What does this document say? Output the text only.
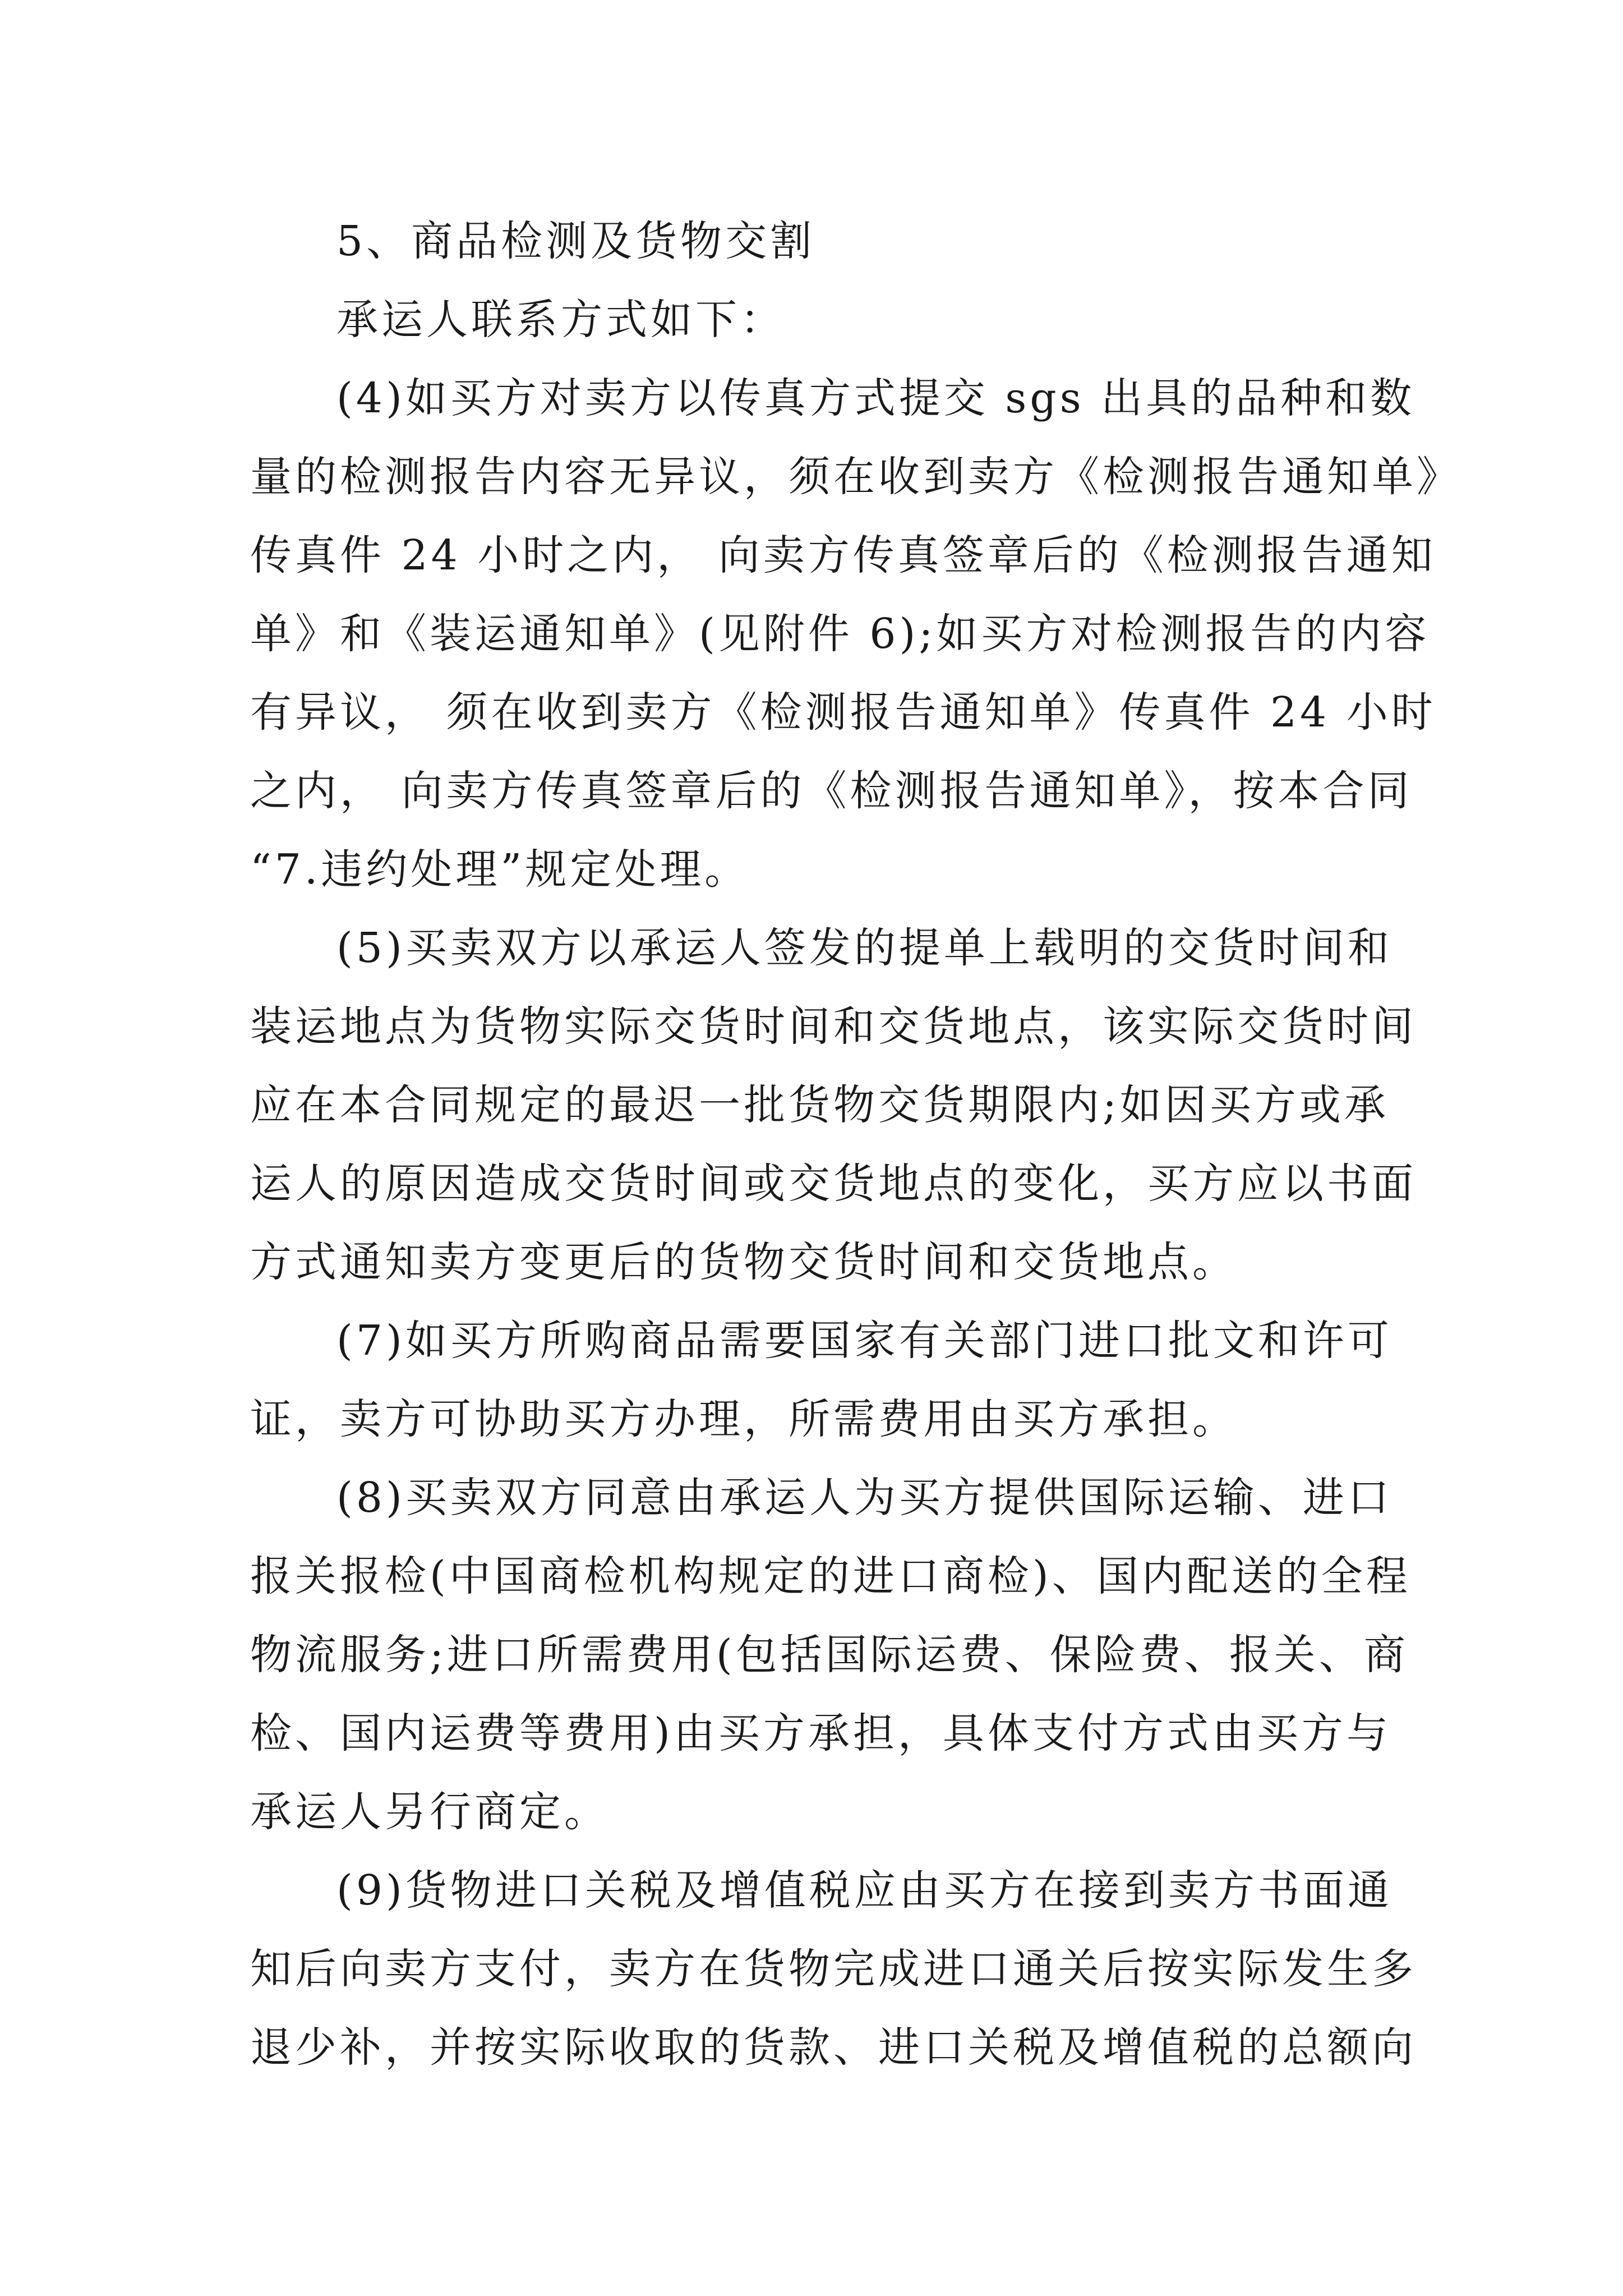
5、商品检测及货物交割

承运人联系方式如下：

(4)如买方对卖方以传真方式提交 sgs 出具的品种和数

量的检测报告内容无异议，须在收到卖方《检测报告通知单》

传真件 24 小时之内， 向卖方传真签章后的《检测报告通知

单》和《装运通知单》(见附件 6);如买方对检测报告的内容

有异议， 须在收到卖方《检测报告通知单》传真件 24 小时

之内， 向卖方传真签章后的《检测报告通知单》，按本合同

“7.违约处理”规定处理。

(5)买卖双方以承运人签发的提单上载明的交货时间和

装运地点为货物实际交货时间和交货地点，该实际交货时间

应在本合同规定的最迟一批货物交货期限内;如因买方或承

运人的原因造成交货时间或交货地点的变化，买方应以书面

方式通知卖方变更后的货物交货时间和交货地点。

(7)如买方所购商品需要国家有关部门进口批文和许可

证，卖方可协助买方办理，所需费用由买方承担。

(8)买卖双方同意由承运人为买方提供国际运输、进口

报关报检(中国商检机构规定的进口商检)、国内配送的全程

物流服务;进口所需费用(包括国际运费、保险费、报关、商

检、国内运费等费用)由买方承担，具体支付方式由买方与

承运人另行商定。

(9)货物进口关税及增值税应由买方在接到卖方书面通

知后向卖方支付，卖方在货物完成进口通关后按实际发生多

退少补，并按实际收取的货款、进口关税及增值税的总额向
